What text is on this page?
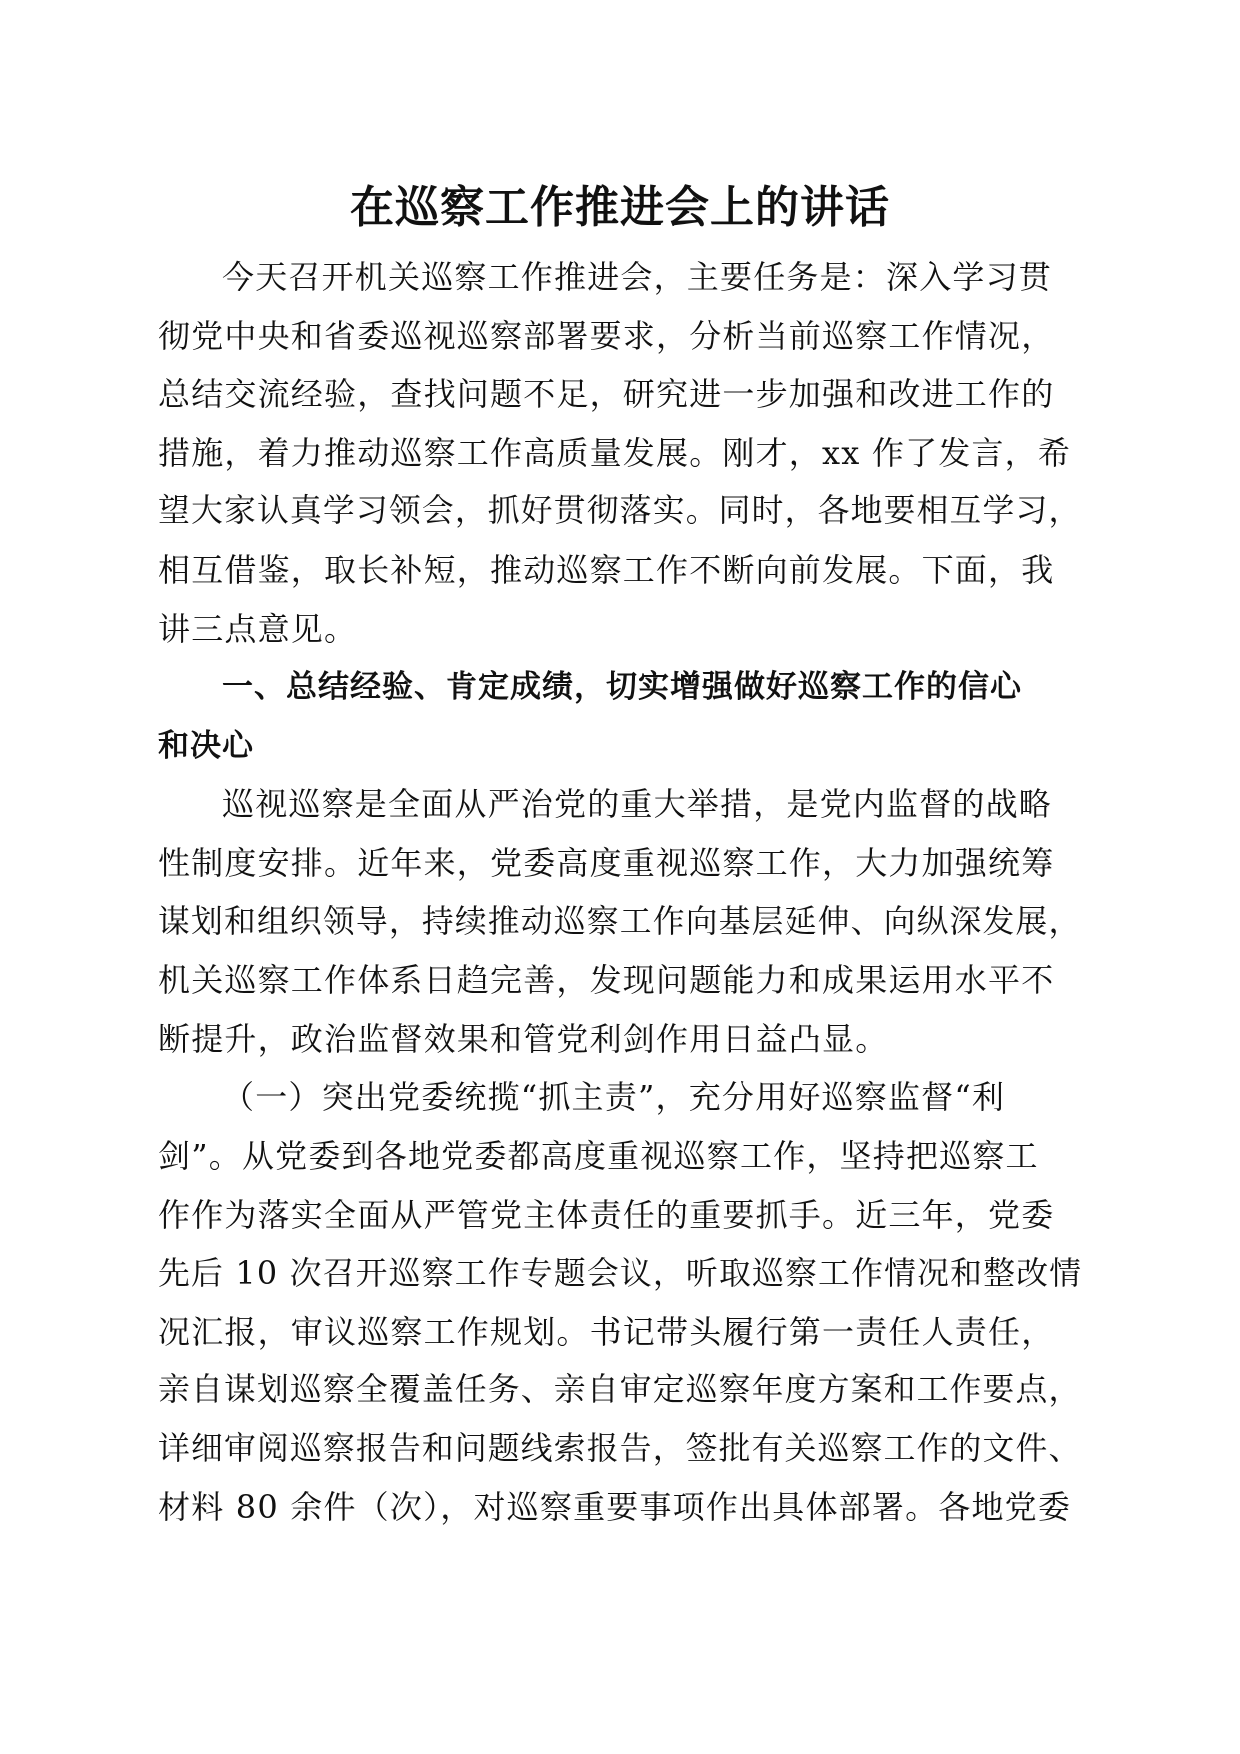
在巡察工作推进会上的讲话
今天召开机关巡察工作推进会，主要任务是：深入学习贯
彻党中央和省委巡视巡察部署要求，分析当前巡察工作情况，
总结交流经验，查找问题不足，研究进一步加强和改进工作的
措施，着力推动巡察工作高质量发展。刚才，xx 作了发言，希
望大家认真学习领会，抓好贯彻落实。同时，各地要相互学习，
相互借鉴，取长补短，推动巡察工作不断向前发展。下面，我
讲三点意见。
一、总结经验、肯定成绩，切实增强做好巡察工作的信心
和决心
巡视巡察是全面从严治党的重大举措，是党内监督的战略
性制度安排。近年来，党委高度重视巡察工作，大力加强统筹
谋划和组织领导，持续推动巡察工作向基层延伸、向纵深发展，
机关巡察工作体系日趋完善，发现问题能力和成果运用水平不
断提升，政治监督效果和管党利剑作用日益凸显。
（一）突出党委统揽“抓主责”，充分用好巡察监督“利
剑”。从党委到各地党委都高度重视巡察工作，坚持把巡察工
作作为落实全面从严管党主体责任的重要抓手。近三年，党委
先后 10 次召开巡察工作专题会议，听取巡察工作情况和整改情
况汇报，审议巡察工作规划。书记带头履行第一责任人责任，
亲自谋划巡察全覆盖任务、亲自审定巡察年度方案和工作要点，
详细审阅巡察报告和问题线索报告，签批有关巡察工作的文件、
材料 80 余件（次），对巡察重要事项作出具体部署。各地党委
